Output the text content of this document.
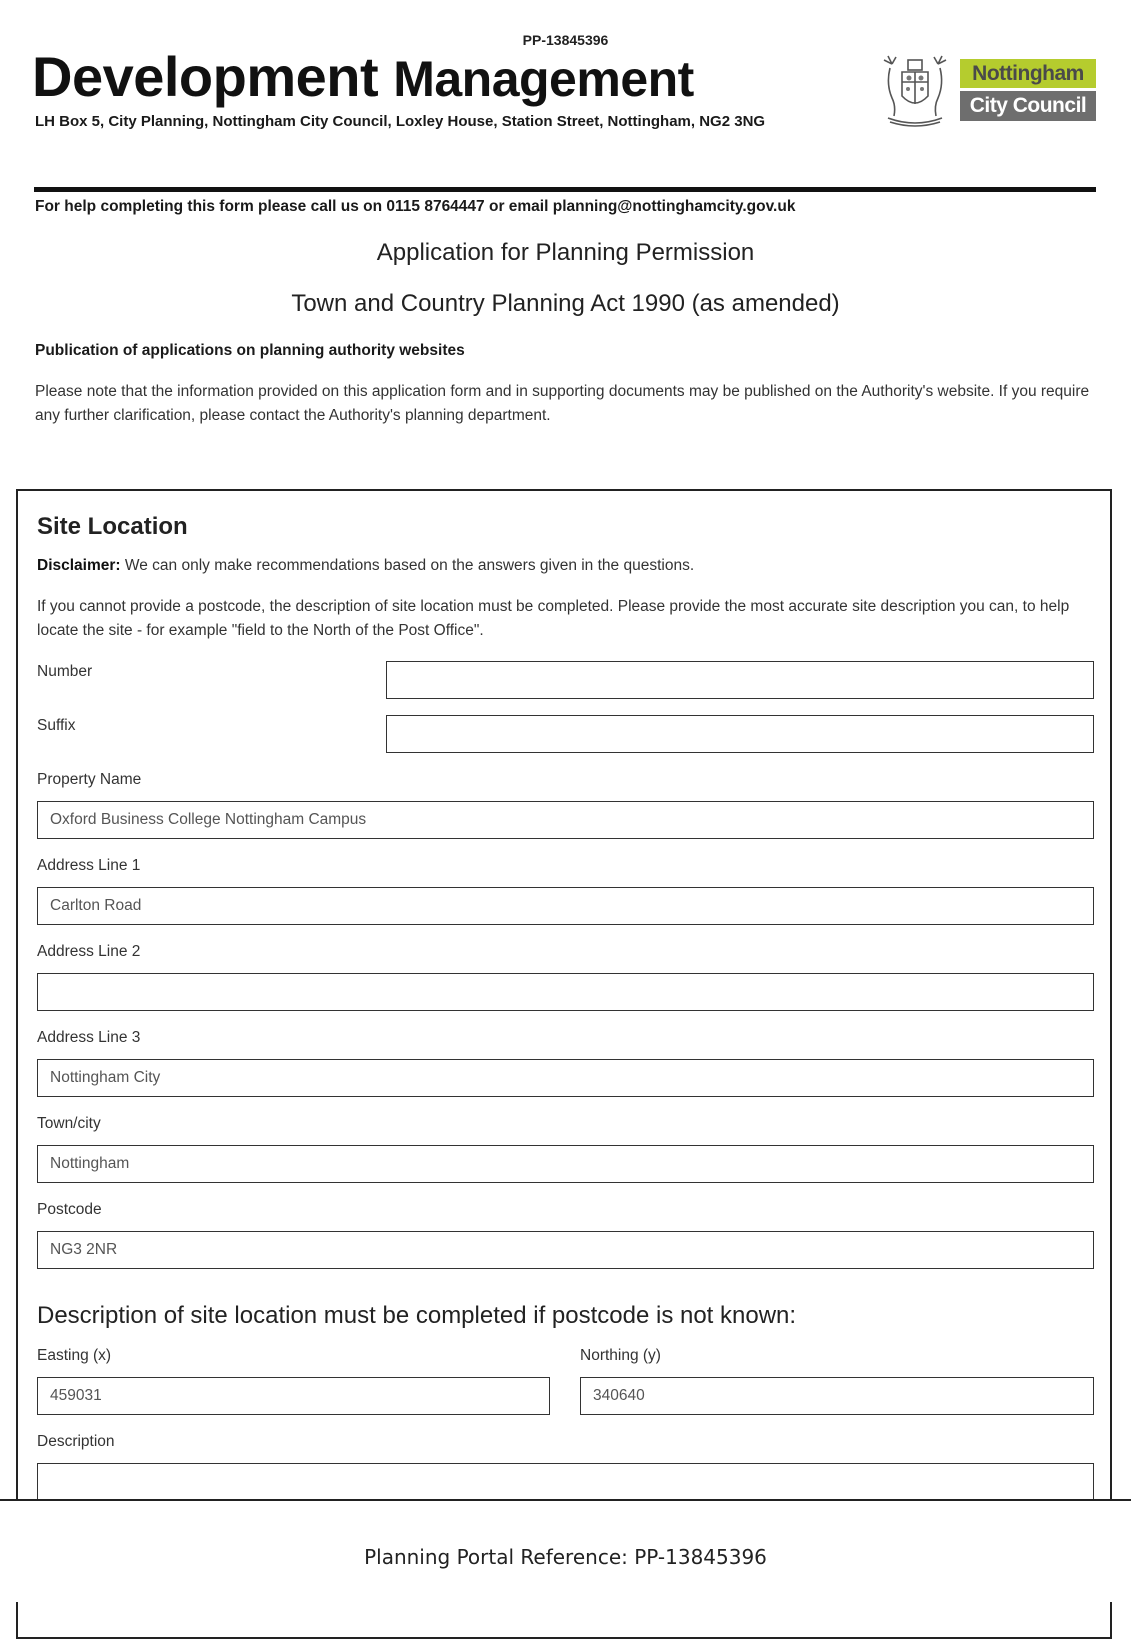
PP-13845396
Development Management
LH Box 5, City Planning, Nottingham City Council, Loxley House, Station Street, Nottingham, NG2 3NG
Nottingham
City Council
For help completing this form please call us on 0115 8764447 or email planning@nottinghamcity.gov.uk
Application for Planning Permission
Town and Country Planning Act 1990 (as amended)
Publication of applications on planning authority websites
Please note that the information provided on this application form and in supporting documents may be published on the Authority's website. If you require any further clarification, please contact the Authority's planning department.
Site Location
Disclaimer: We can only make recommendations based on the answers given in the questions.
If you cannot provide a postcode, the description of site location must be completed. Please provide the most accurate site description you can, to help locate the site - for example "field to the North of the Post Office".
Number
Suffix
Property Name
Oxford Business College Nottingham Campus
Address Line 1
Carlton Road
Address Line 2
Address Line 3
Nottingham City
Town/city
Nottingham
Postcode
NG3 2NR
Description of site location must be completed if postcode is not known:
Easting (x)
459031
Northing (y)
340640
Description
Planning Portal Reference: PP-13845396
